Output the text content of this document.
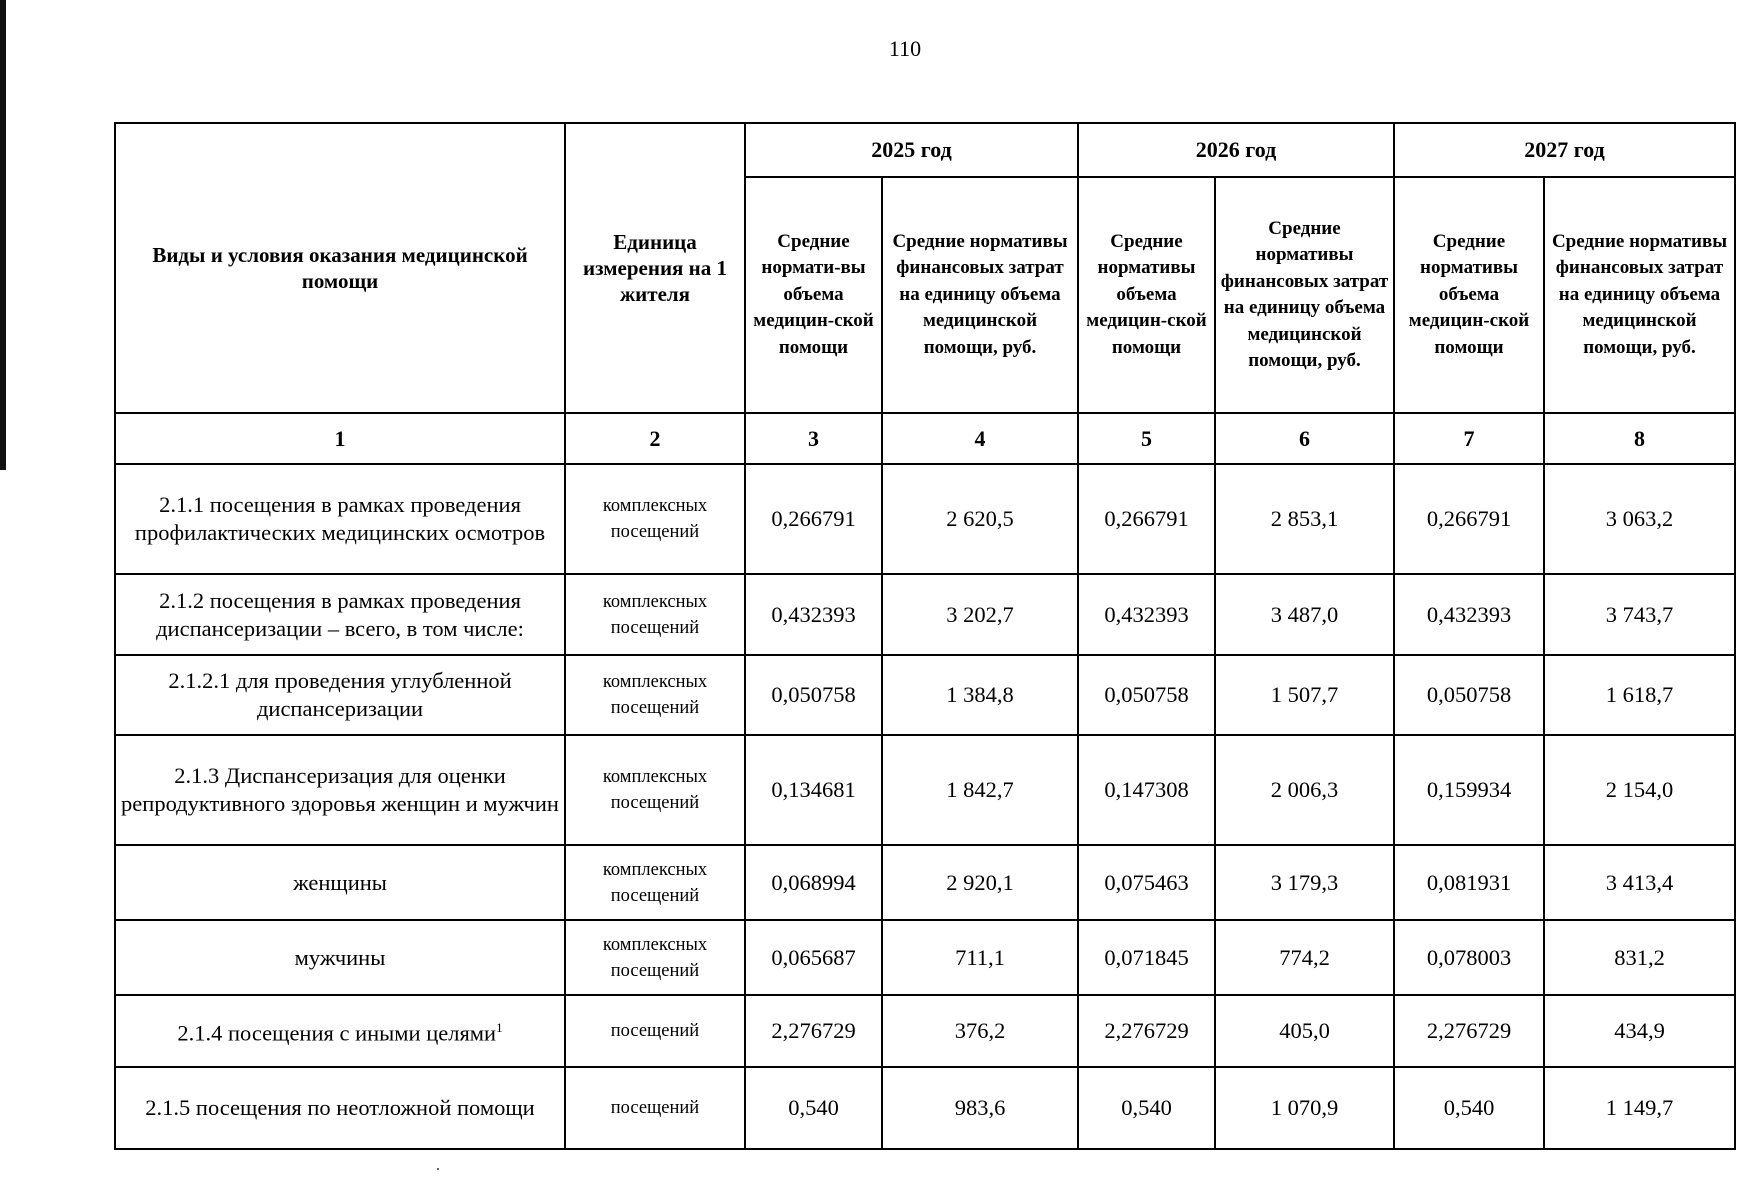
110
Виды и условия оказания медицинской помощи	Единица измерения на 1 жителя	2025 год		2026 год		2027 год	
		Средние нормати-вы объема медицин-ской помощи	Средние нормативы финансовых затрат на единицу объема медицинской помощи, руб.	Средние нормативы объема медицин-ской помощи	Средние нормативы финансовых затрат на единицу объема медицинской помощи, руб.	Средние нормативы объема медицин-ской помощи	Средние нормативы финансовых затрат на единицу объема медицинской помощи, руб.
1	2	3	4	5	6	7	8
2.1.1 посещения в рамках проведения профилактических медицинских осмотров	комплексных посещений	0,266791	2 620,5	0,266791	2 853,1	0,266791	3 063,2
2.1.2 посещения в рамках проведения диспансеризации – всего, в том числе:	комплексных посещений	0,432393	3 202,7	0,432393	3 487,0	0,432393	3 743,7
2.1.2.1 для проведения углубленной диспансеризации	комплексных посещений	0,050758	1 384,8	0,050758	1 507,7	0,050758	1 618,7
2.1.3 Диспансеризация для оценки репродуктивного здоровья женщин и мужчин	комплексных посещений	0,134681	1 842,7	0,147308	2 006,3	0,159934	2 154,0
женщины	комплексных посещений	0,068994	2 920,1	0,075463	3 179,3	0,081931	3 413,4
мужчины	комплексных посещений	0,065687	711,1	0,071845	774,2	0,078003	831,2
2.1.4 посещения с иными целями$^1$	посещений	2,276729	376,2	2,276729	405,0	2,276729	434,9
2.1.5 посещения по неотложной помощи	посещений	0,540	983,6	0,540	1 070,9	0,540	1 149,7
